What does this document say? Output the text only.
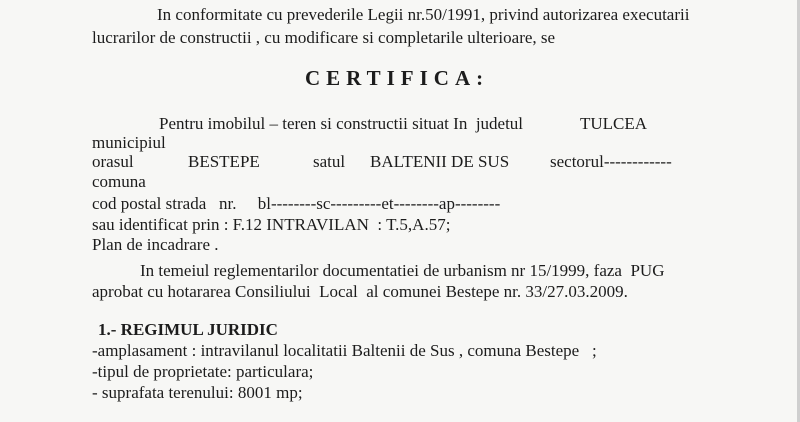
In conformitate cu prevederile Legii nr.50/1991, privind autorizarea executarii
lucrarilor de constructii , cu modificare si completarile ulterioare, se
CERTIFICA:
Pentru imobilul – teren si constructii situat In  judetul	TULCEA
municipiul
orasul	BESTEPE	satul BALTENII DE SUS sectorul------------
comuna
cod postal strada   nr.     bl--------sc---------et--------ap--------
sau identificat prin : F.12 INTRAVILAN  : T.5,A.57;
Plan de incadrare .
In temeiul reglementarilor documentatiei de urbanism nr 15/1999, faza  PUG
aprobat cu hotararea Consiliului  Local  al comunei Bestepe nr. 33/27.03.2009.
1.- REGIMUL JURIDIC
-amplasament : intravilanul localitatii Baltenii de Sus , comuna Bestepe   ;
-tipul de proprietate: particulara;
- suprafata terenului: 8001 mp;
